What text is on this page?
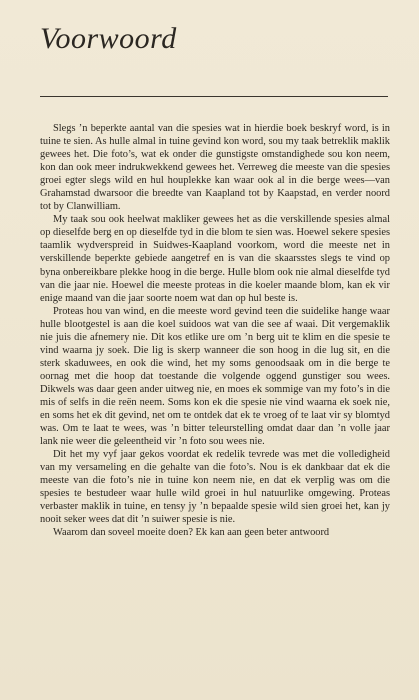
Voorwoord

Slegs ’n beperkte aantal van die spesies wat in hierdie boek beskryf word, is in tuine te sien. As hulle almal in tuine gevind kon word, sou my taak betreklik maklik gewees het. Die foto’s, wat ek onder die gunstigste omstandighede sou kon neem, kon dan ook meer indrukwekkend gewees het. Verreweg die meeste van die spesies groei egter slegs wild en hul houplekke kan waar ook al in die berge wees—van Grahamstad dwarsoor die breedte van Kaapland tot by Kaapstad, en verder noord tot by Clanwilliam.

My taak sou ook heelwat makliker gewees het as die verskillende spesies almal op dieselfde berg en op dieselfde tyd in die blom te sien was. Hoewel sekere spesies taamlik wydverspreid in Suidwes-Kaapland voorkom, word die meeste net in verskillende beperkte gebiede aangetref en is van die skaarsstes slegs te vind op byna onbereikbare plekke hoog in die berge. Hulle blom ook nie almal dieselfde tyd van die jaar nie. Hoewel die meeste proteas in die koeler maande blom, kan ek vir enige maand van die jaar soorte noem wat dan op hul beste is.

Proteas hou van wind, en die meeste word gevind teen die suidelike hange waar hulle blootgestel is aan die koel suidoos wat van die see af waai. Dit vergemaklik nie juis die afnemery nie. Dit kos etlike ure om ’n berg uit te klim en die spesie te vind waarna jy soek. Die lig is skerp wanneer die son hoog in die lug sit, en die sterk skaduwees, en ook die wind, het my soms genoodsaak om in die berge te oornag met die hoop dat toestande die volgende oggend gunstiger sou wees. Dikwels was daar geen ander uitweg nie, en moes ek sommige van my foto’s in die mis of selfs in die reën neem. Soms kon ek die spesie nie vind waarna ek soek nie, en soms het ek dit gevind, net om te ontdek dat ek te vroeg of te laat vir sy blomtyd was. Om te laat te wees, was ’n bitter teleurstelling omdat daar dan ’n volle jaar lank nie weer die geleentheid vir ’n foto sou wees nie.

Dit het my vyf jaar gekos voordat ek redelik tevrede was met die volledigheid van my versameling en die gehalte van die foto’s. Nou is ek dankbaar dat ek die meeste van die foto’s nie in tuine kon neem nie, en dat ek verplig was om die spesies te bestudeer waar hulle wild groei in hul natuurlike omgewing. Proteas verbaster maklik in tuine, en tensy jy ’n bepaalde spesie wild sien groei het, kan jy nooit seker wees dat dit ’n suiwer spesie is nie.

Waarom dan soveel moeite doen? Ek kan aan geen beter antwoord
